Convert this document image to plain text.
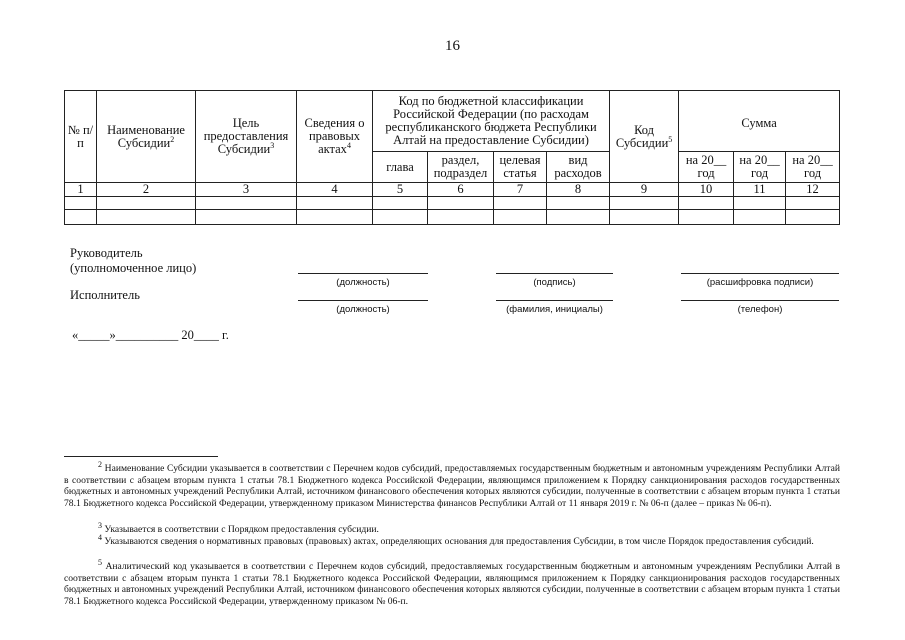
16
№ п/п	Наименование Субсидии$^2$	Цель предоставления Субсидии$^3$	Сведения о правовых актах$^4$	Код по бюджетной классификации Российской Федерации (по расходам республиканского бюджета Республики Алтай на предоставление Субсидии)				Код Субсидии$^5$	Сумма		
				глава	раздел, подраздел	целевая статья	вид расходов		на 20__ год	на 20__ год	на 20__ год
1	2	3	4	5	6	7	8	9	10	11	12

Руководитель
(уполномоченное лицо)
Исполнитель
(должность)	(подпись)	(расшифровка подписи)
(должность)	(фамилия, инициалы)	(телефон)
«_____»__________ 20____ г.
$^2$ Наименование Субсидии указывается в соответствии с Перечнем кодов субсидий, предоставляемых государственным бюджетным и автономным учреждениям Республики Алтай в соответствии с абзацем вторым пункта 1 статьи 78.1 Бюджетного кодекса Российской Федерации, являющимся приложением к Порядку санкционирования расходов государственных бюджетных и автономных учреждений Республики Алтай, источником финансового обеспечения которых являются субсидии, полученные в соответствии с абзацем вторым пункта 1 статьи 78.1 Бюджетного кодекса Российской Федерации, утвержденному приказом Министерства финансов Республики Алтай от 11 января 2019 г. № 06-п (далее – приказ № 06-п).
$^3$ Указывается в соответствии с Порядком предоставления субсидии.
$^4$ Указываются сведения о нормативных правовых (правовых) актах, определяющих основания для предоставления Субсидии, в том числе Порядок предоставления субсидий.
$^5$ Аналитический код указывается в соответствии с Перечнем кодов субсидий, предоставляемых государственным бюджетным и автономным учреждениям Республики Алтай в соответствии с абзацем вторым пункта 1 статьи 78.1 Бюджетного кодекса Российской Федерации, являющимся приложением к Порядку санкционирования расходов государственных бюджетных и автономных учреждений Республики Алтай, источником финансового обеспечения которых являются субсидии, полученные в соответствии с абзацем вторым пункта 1 статьи 78.1 Бюджетного кодекса Российской Федерации, утвержденному приказом № 06-п.
